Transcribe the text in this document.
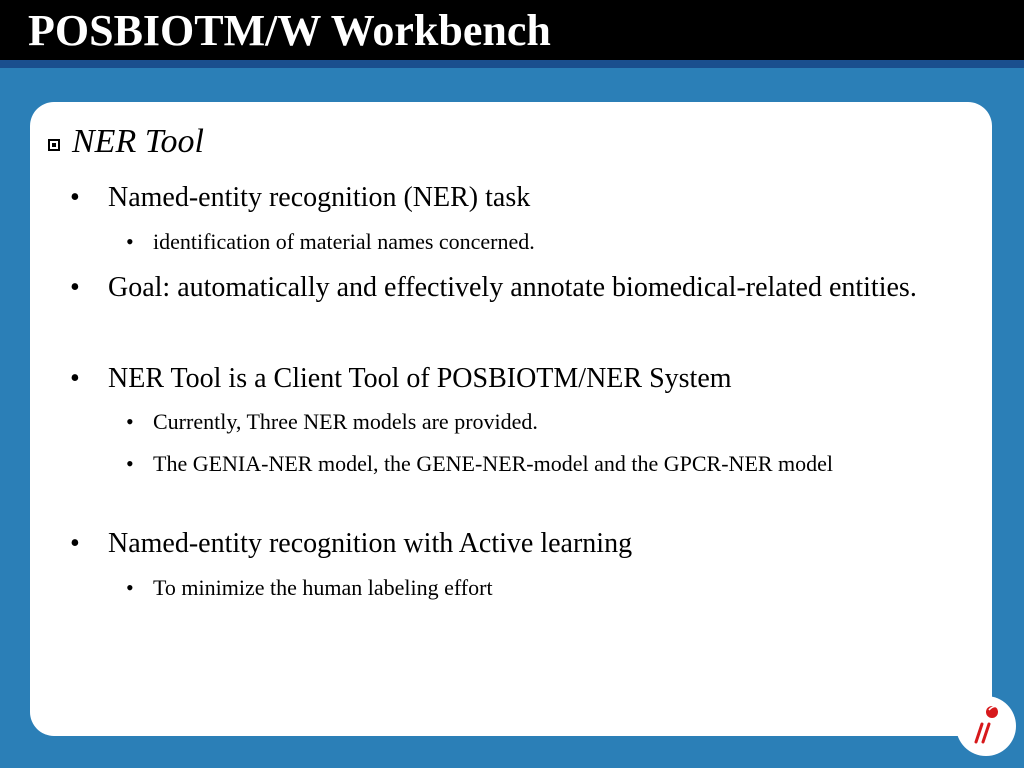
POSBIOTM/W Workbench
NER Tool
•	Named-entity recognition (NER) task
• identification of material names concerned.
•	Goal: automatically and effectively annotate biomedical-related entities.
•	NER Tool is a Client Tool of POSBIOTM/NER System
• Currently, Three NER models are provided.
• The GENIA-NER model, the GENE-NER-model and the GPCR-NER model
•	Named-entity recognition with Active learning
• To minimize the human labeling effort
